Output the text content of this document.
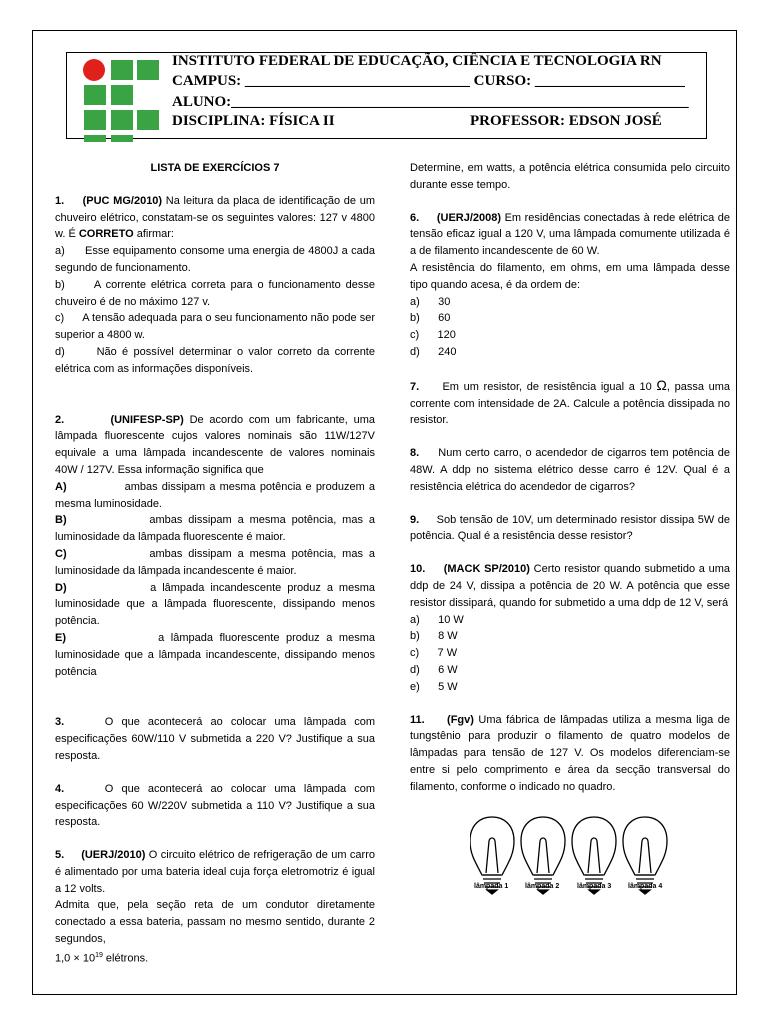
INSTITUTO FEDERAL DE EDUCAÇÃO, CIÊNCIA E TECNOLOGIA RN
CAMPUS: ______________________________ CURSO: ____________________
ALUNO:_____________________________________________________________
DISCIPLINA: FÍSICA II	PROFESSOR: EDSON JOSÉ

LISTA DE EXERCÍCIOS 7

1. (PUC MG/2010) Na leitura da placa de identificação de um chuveiro elétrico, constatam-se os seguintes valores: 127 v 4800 w. É CORRETO afirmar:

a) Esse equipamento consome uma energia de 4800J a cada segundo de funcionamento.

b)	A corrente elétrica correta para o funcionamento desse chuveiro é de no máximo 127 v.

c) A tensão adequada para o seu funcionamento não pode ser superior a 4800 w.

d)	Não é possível determinar o valor correto da corrente elétrica com as informações disponíveis.

2.	(UNIFESP-SP) De acordo com um fabricante, uma lâmpada fluorescente cujos valores nominais são 11W/127V equivale a uma lâmpada incandescente de valores nominais 40W / 127V. Essa informação significa que

A)	ambas dissipam a mesma potência e produzem a mesma luminosidade.

B)	ambas dissipam a mesma potência, mas a luminosidade da lâmpada fluorescente é maior.

C)	ambas dissipam a mesma potência, mas a luminosidade da lâmpada incandescente é maior.

D)	a lâmpada incandescente produz a mesma luminosidade que a lâmpada fluorescente, dissipando menos potência.

E)	a lâmpada fluorescente produz a mesma luminosidade que a lâmpada incandescente, dissipando menos potência

3.	O que acontecerá ao colocar uma lâmpada com especificações 60W/110 V submetida a 220 V? Justifique a sua resposta.

4.	O que acontecerá ao colocar uma lâmpada com especificações 60 W/220V submetida a 110 V? Justifique a sua resposta.

5. (UERJ/2010) O circuito elétrico de refrigeração de um carro é alimentado por uma bateria ideal cuja força eletromotriz é igual a 12 volts.

Admita que, pela seção reta de um condutor diretamente conectado a essa bateria, passam no mesmo sentido, durante 2 segundos,

$1,0 \times 10^{19}$ elétrons.

Determine, em watts, a potência elétrica consumida pelo circuito durante esse tempo.

6. (UERJ/2008) Em residências conectadas à rede elétrica de tensão eficaz igual a 120 V, uma lâmpada comumente utilizada é a de filamento incandescente de 60 W.

A resistência do filamento, em ohms, em uma lâmpada desse tipo quando acesa, é da ordem de:

a) 30

b) 60

c) 120

d) 240

7. Em um resistor, de resistência igual a 10 Ω, passa uma corrente com intensidade de 2A. Calcule a potência dissipada no resistor.

8. Num certo carro, o acendedor de cigarros tem potência de 48W. A ddp no sistema elétrico desse carro é 12V. Qual é a resistência elétrica do acendedor de cigarros?

9. Sob tensão de 10V, um determinado resistor dissipa 5W de potência. Qual é a resistência desse resistor?

10. (MACK SP/2010) Certo resistor quando submetido a uma ddp de 24 V, dissipa a potência de 20 W. A potência que esse resistor dissipará, quando for submetido a uma ddp de 12 V, será

a) 10 W

b) 8 W

c) 7 W

d) 6 W

e) 5 W

11. (Fgv) Uma fábrica de lâmpadas utiliza a mesma liga de tungstênio para produzir o filamento de quatro modelos de lâmpadas para tensão de 127 V. Os modelos diferenciam-se entre si pelo comprimento e área da secção transversal do filamento, conforme o indicado no quadro.

lâmpada 1 lâmpada 2	lâmpada 3 lâmpada 4
